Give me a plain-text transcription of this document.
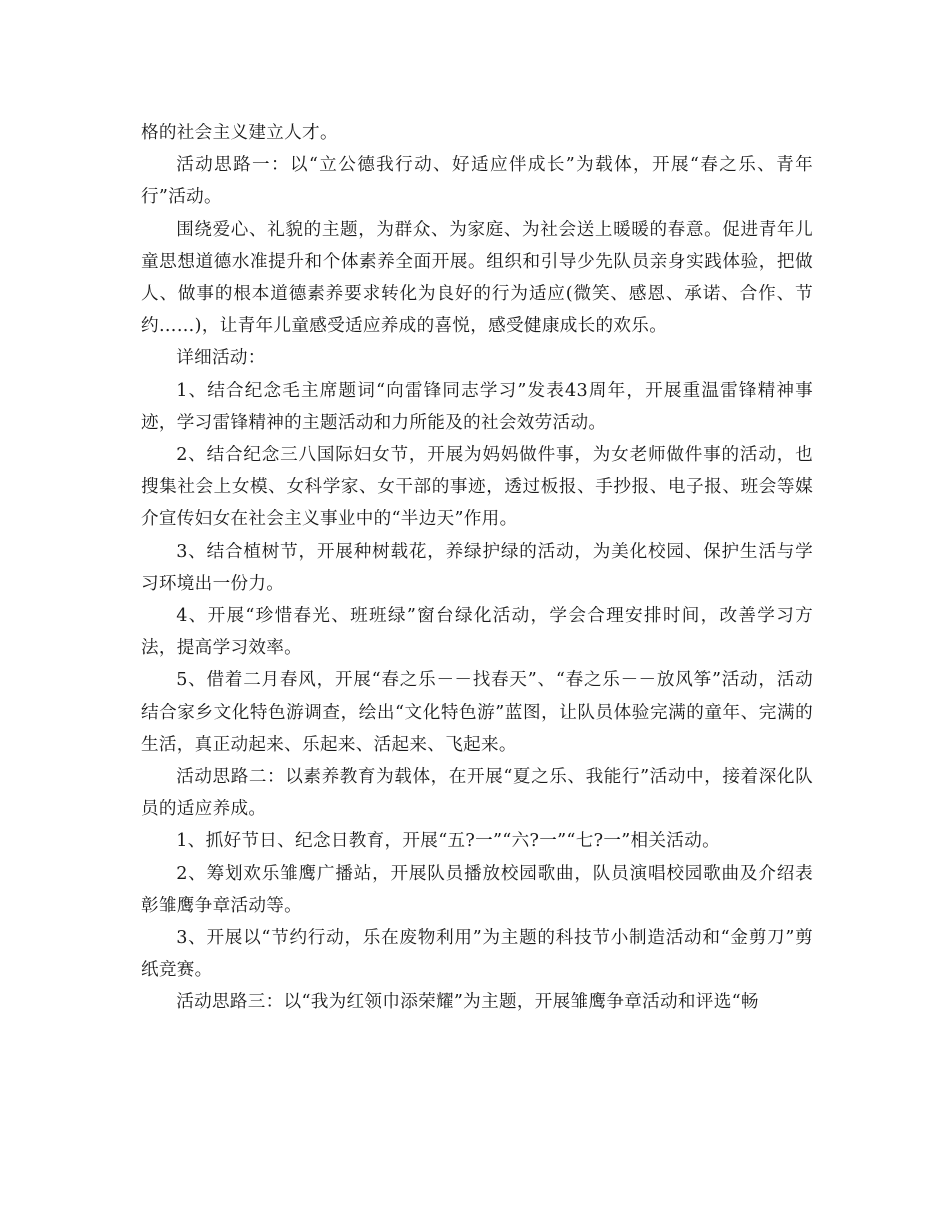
格的社会主义建立人才。

活动思路一：以“立公德我行动、好适应伴成长”为载体，开展“春之乐、青年行”活动。

围绕爱心、礼貌的主题，为群众、为家庭、为社会送上暖暖的春意。促进青年儿童思想道德水准提升和个体素养全面开展。组织和引导少先队员亲身实践体验，把做人、做事的根本道德素养要求转化为良好的行为适应(微笑、感恩、承诺、合作、节约……)，让青年儿童感受适应养成的喜悦，感受健康成长的欢乐。

详细活动：

1、结合纪念毛主席题词“向雷锋同志学习”发表43周年，开展重温雷锋精神事迹，学习雷锋精神的主题活动和力所能及的社会效劳活动。

2、结合纪念三八国际妇女节，开展为妈妈做件事，为女老师做件事的活动，也搜集社会上女模、女科学家、女干部的事迹，透过板报、手抄报、电子报、班会等媒介宣传妇女在社会主义事业中的“半边天”作用。

3、结合植树节，开展种树载花，养绿护绿的活动，为美化校园、保护生活与学习环境出一份力。

4、开展“珍惜春光、班班绿”窗台绿化活动，学会合理安排时间，改善学习方法，提高学习效率。

5、借着二月春风，开展“春之乐－－找春天”、“春之乐－－放风筝”活动，活动结合家乡文化特色游调查，绘出“文化特色游”蓝图，让队员体验完满的童年、完满的生活，真正动起来、乐起来、活起来、飞起来。

活动思路二：以素养教育为载体，在开展“夏之乐、我能行”活动中，接着深化队员的适应养成。

1、抓好节日、纪念日教育，开展“五?一”“六?一”“七?一”相关活动。

2、筹划欢乐雏鹰广播站，开展队员播放校园歌曲，队员演唱校园歌曲及介绍表彰雏鹰争章活动等。

3、开展以“节约行动，乐在废物利用”为主题的科技节小制造活动和“金剪刀”剪纸竞赛。

活动思路三：以“我为红领巾添荣耀”为主题，开展雏鹰争章活动和评选“畅
